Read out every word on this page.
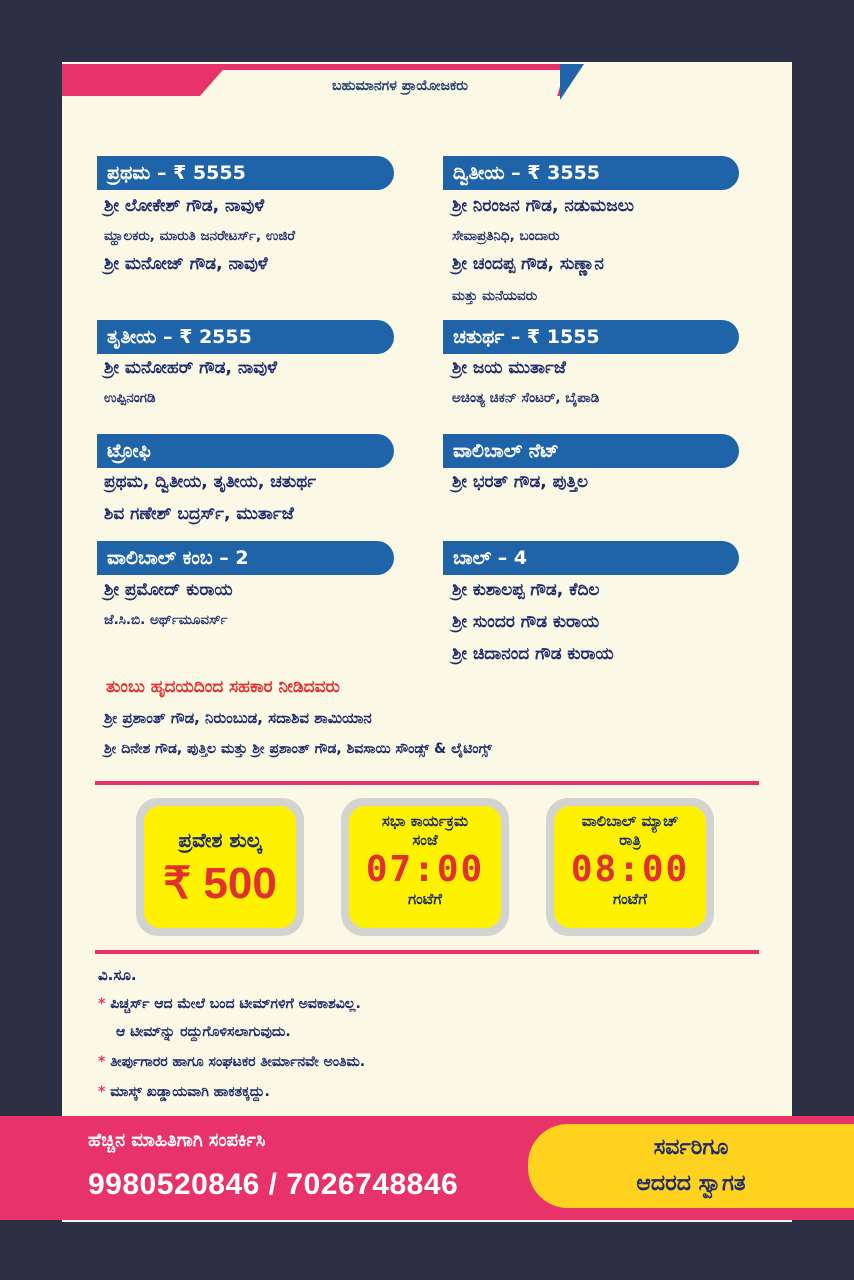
ಬಹುಮಾನಗಳ ಪ್ರಾಯೋಜಕರು
ಪ್ರಥಮ – ₹ 5555
ಶ್ರೀ ಲೋಕೇಶ್ ಗೌಡ, ನಾವುಳೆ
ಮ್ಹಾಲಕರು, ಮಾರುತಿ ಜನರೇಟರ್ಸ್, ಉಜಿರೆ
ಶ್ರೀ ಮನೋಜ್ ಗೌಡ, ನಾವುಳೆ
ದ್ವಿತೀಯ – ₹ 3555
ಶ್ರೀ ನಿರಂಜನ ಗೌಡ, ನಡುಮಜಲು
ಸೇವಾಪ್ರತಿನಿಧಿ, ಬಂದಾರು
ಶ್ರೀ ಚಂದಪ್ಪ ಗೌಡ, ಸುಣ್ಣಾನ
ಮತ್ತು ಮನೆಯವರು
ತೃತೀಯ – ₹ 2555
ಶ್ರೀ ಮನೋಹರ್ ಗೌಡ, ನಾವುಳೆ
ಉಪ್ಪಿನಂಗಡಿ
ಚತುರ್ಥ – ₹ 1555
ಶ್ರೀ ಜಯ ಮುರ್ತಾಜೆ
ಅಚಿಂತ್ಯ ಚಿಕನ್ ಸೆಂಟರ್, ಬೈಪಾಡಿ
ಟ್ರೋಫಿ
ಪ್ರಥಮ, ದ್ವಿತೀಯ, ತೃತೀಯ, ಚತುರ್ಥ
ಶಿವ ಗಣೇಶ್ ಬದ್ರರ್ಸ್, ಮುರ್ತಾಜೆ
ವಾಲಿಬಾಲ್ ನೆಟ್
ಶ್ರೀ ಭರತ್ ಗೌಡ, ಪುತ್ತಿಲ
ವಾಲಿಬಾಲ್ ಕಂಬ – 2
ಶ್ರೀ ಪ್ರಮೋದ್ ಕುರಾಯ
ಜೆ.ಸಿ.ಬಿ. ಅರ್ಥ್‌ಮೂವರ್ಸ್
ಬಾಲ್ – 4
ಶ್ರೀ ಕುಶಾಲಪ್ಪ ಗೌಡ, ಕೆದಿಲ
ಶ್ರೀ ಸುಂದರ ಗೌಡ ಕುರಾಯ
ಶ್ರೀ ಚಿದಾನಂದ ಗೌಡ ಕುರಾಯ
ತುಂಬು ಹೃದಯದಿಂದ ಸಹಕಾರ ನೀಡಿದವರು
ಶ್ರೀ ಪ್ರಶಾಂತ್ ಗೌಡ, ನಿರುಂಬುಡ, ಸದಾಶಿವ ಶಾಮಿಯಾನ
ಶ್ರೀ ದಿನೇಶ ಗೌಡ, ಪುತ್ತಿಲ ಮತ್ತು ಶ್ರೀ ಪ್ರಶಾಂತ್ ಗೌಡ, ಶಿವಸಾಯಿ ಸೌಂಡ್ಸ್ & ಲೈಟಿಂಗ್ಸ್
ಪ್ರವೇಶ ಶುಲ್ಕ
₹ 500
ಸಭಾ ಕಾರ್ಯಕ್ರಮ
ಸಂಜೆ
07:00
ಗಂಟೆಗೆ
ವಾಲಿಬಾಲ್ ಮ್ಯಾಚ್
ರಾತ್ರಿ
08:00
ಗಂಟೆಗೆ
ವಿ.ಸೂ.
* ಪಿಚ್ಚರ್ಸ್ ಆದ ಮೇಲೆ ಬಂದ ಟೀಮ್‌ಗಳಿಗೆ ಅವಕಾಶವಿಲ್ಲ.
ಆ ಟೀಮ್‌ನ್ನು ರದ್ದುಗೊಳಿಸಲಾಗುವುದು.
* ತೀರ್ಪುಗಾರರ ಹಾಗೂ ಸಂಘಟಕರ ತೀರ್ಮಾನವೇ ಅಂತಿಮ.
* ಮಾಸ್ಕ್ ಖಡ್ಡಾಯವಾಗಿ ಹಾಕತಕ್ಕದ್ದು.
ಹೆಚ್ಚಿನ ಮಾಹಿತಿಗಾಗಿ ಸಂಪರ್ಕಿಸಿ
9980520846 / 7026748846
ಸರ್ವರಿಗೂ
ಆದರದ ಸ್ವಾಗತ
